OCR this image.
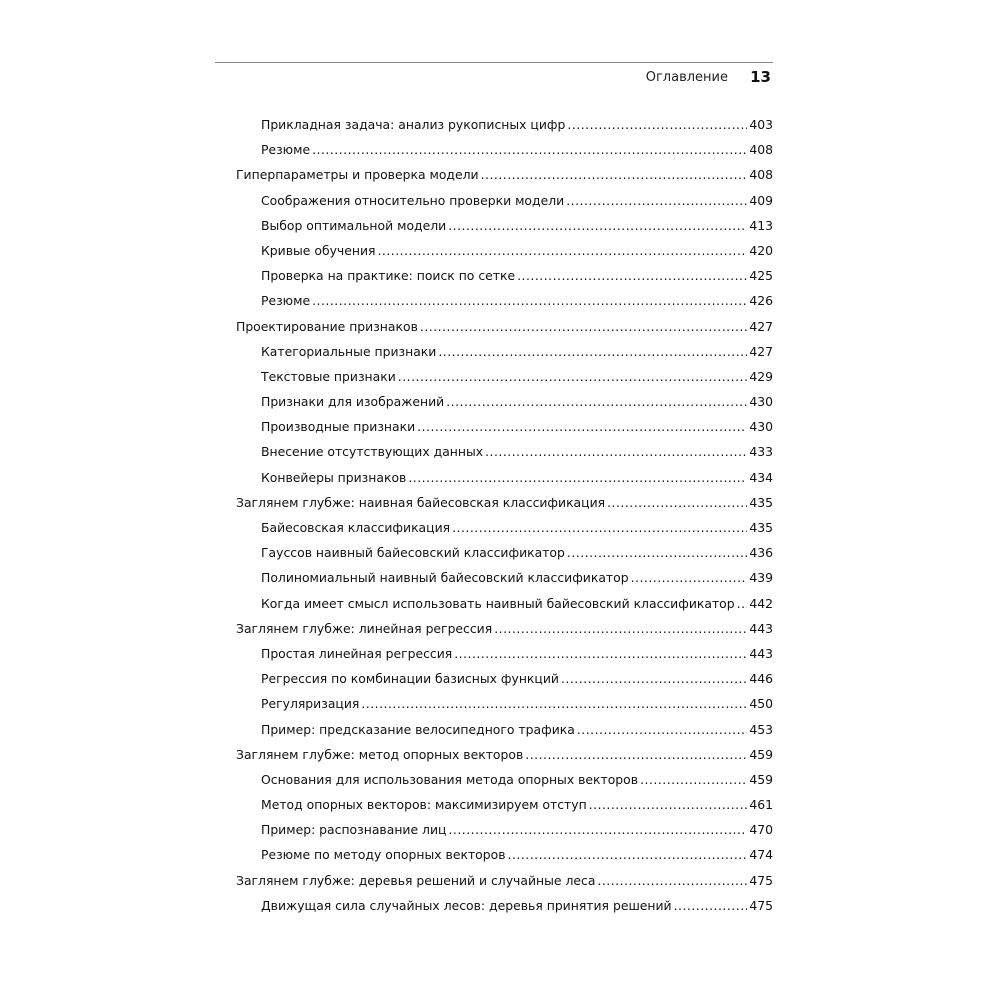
Оглавление 13
Прикладная задача: анализ рукописных цифр .....	403
Резюме .....	408
Гиперпараметры и проверка модели .....	408
Соображения относительно проверки модели .....	409
Выбор оптимальной модели .....	413
Кривые обучения .....	420
Проверка на практике: поиск по сетке .....	425
Резюме .....	426
Проектирование признаков .....	427
Категориальные признаки .....	427
Текстовые признаки .....	429
Признаки для изображений .....	430
Производные признаки .....	430
Внесение отсутствующих данных .....	433
Конвейеры признаков .....	434
Заглянем глубже: наивная байесовская классификация .....	435
Байесовская классификация .....	435
Гауссов наивный байесовский классификатор .....	436
Полиномиальный наивный байесовский классификатор .....	439
Когда имеет смысл использовать наивный байесовский классификатор ..... 442
Заглянем глубже: линейная регрессия .....	443
Простая линейная регрессия .....	443
Регрессия по комбинации базисных функций .....	446
Регуляризация .....	450
Пример: предсказание велосипедного трафика .....	453
Заглянем глубже: метод опорных векторов .....	459
Основания для использования метода опорных векторов .....	459
Метод опорных векторов: максимизируем отступ .....	461
Пример: распознавание лиц .....	470
Резюме по методу опорных векторов .....	474
Заглянем глубже: деревья решений и случайные леса .....	475
Движущая сила случайных лесов: деревья принятия решений .....	475
